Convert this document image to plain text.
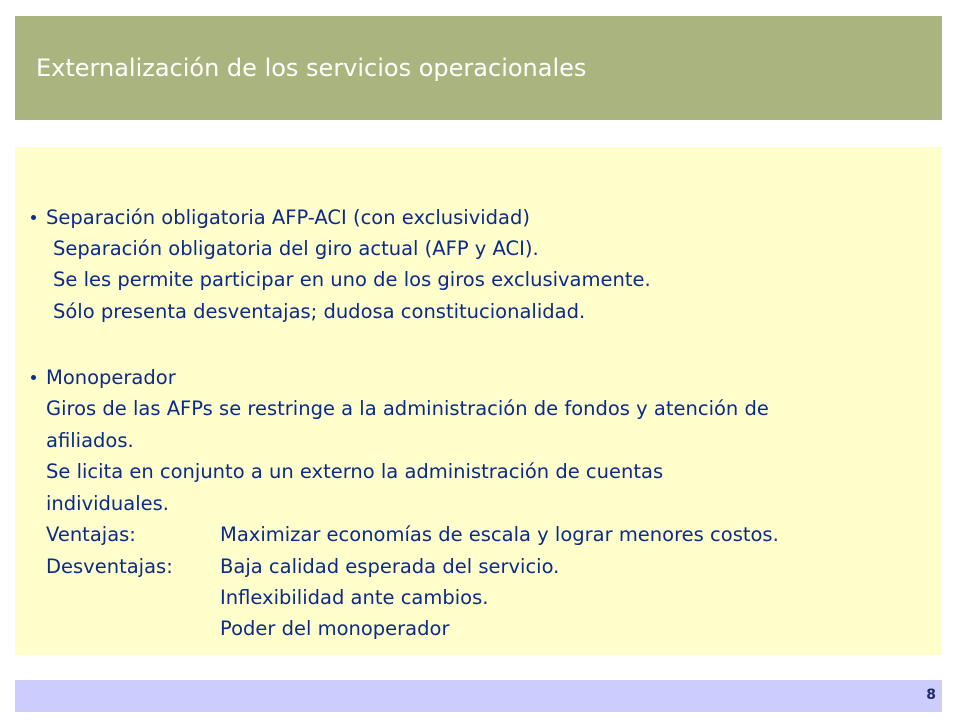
Externalización de los servicios operacionales
Separación obligatoria AFP-ACI (con exclusividad)
Separación obligatoria del giro actual (AFP y ACI).
Se les permite participar en uno de los giros exclusivamente.
Sólo presenta desventajas; dudosa constitucionalidad.
Monoperador
Giros de las AFPs se restringe a la administración de fondos y atención de
afiliados.
Se licita en conjunto a un externo la administración de cuentas
individuales.
Ventajas:	Maximizar economías de escala y lograr menores costos.
Desventajas: Baja calidad esperada del servicio.
Inflexibilidad ante cambios.
Poder del monoperador
8
